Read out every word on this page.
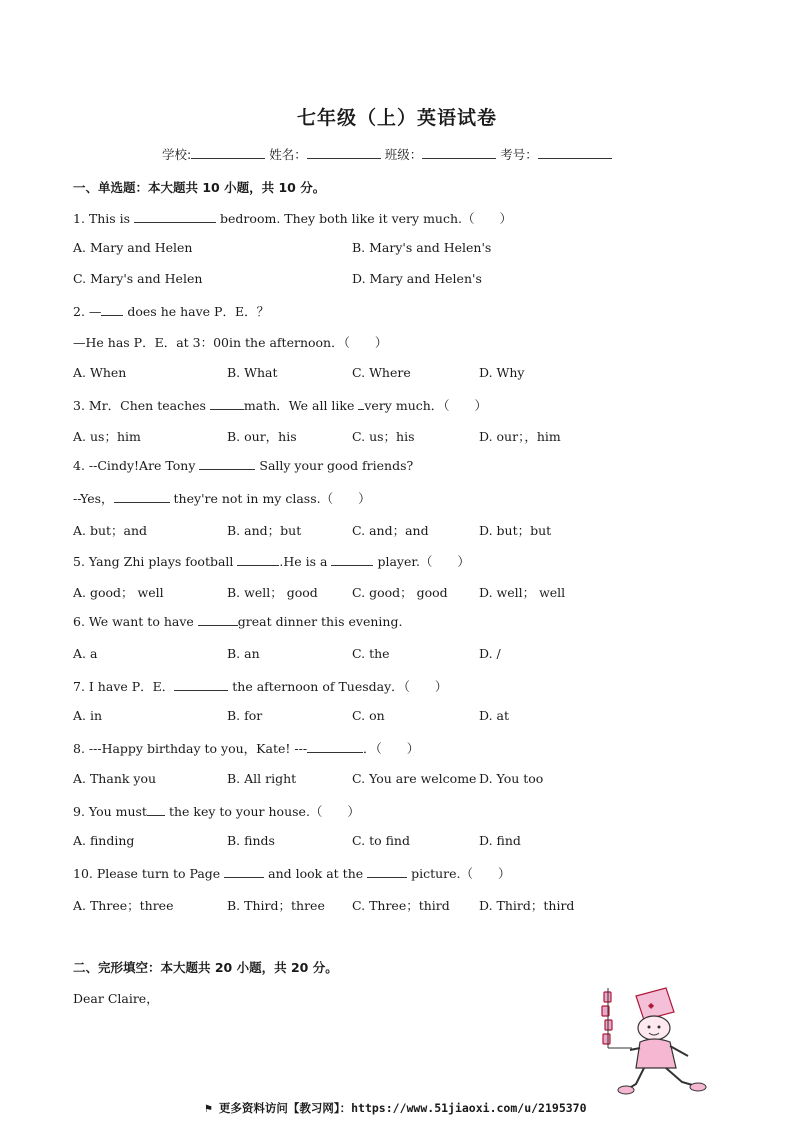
七年级（上）英语试卷
学校:	姓名：	班级：	考号：
一、单选题：本大题共 10 小题，共 10 分。
1. This is	bedroom. They both like it very much.（　　）
A. Mary and Helen	B. Mary's and Helen's
C. Mary's and Helen	D. Mary and Helen's
2. — does he have P．E．？
—He has P．E．at 3：00in the afternoon．（　　）
A. When	B. What	C. Where	D. Why
3. Mr．Chen teaches	math．We all like very much．（　　）
A. us；him	B. our，his	C. us；his	D. our；，him
4. --Cindy!Are Tony	Sally your good friends?
--Yes，	they're not in my class.（　　）
A. but；and	B. and；but	C. and；and	D. but；but
5. Yang Zhi plays football	.He is a	player.（　　）
A. good； well	B. well； good	C. good； good	D. well； well
6. We want to have	great dinner this evening.
A. a	B. an	C. the	D. /
7. I have P．E．	the afternoon of Tuesday．（　　）
A. in	B. for	C. on	D. at
8. ---Happy birthday to you，Kate! ---	．（　　）
A. Thank you	B. All right	C. You are welcome D. You too
9. You must the key to your house.（　　）
A. finding	B. finds	C. to find	D. find
10. Please turn to Page	and look at the	picture.（　　）
A. Three；three	B. Third；three C. Three；third D. Third；third
二、完形填空：本大题共 20 小题，共 20 分。
Dear Claire，	◆
⚑ 更多资料访问【教习网】：https://www.51jiaoxi.com/u/2195370
